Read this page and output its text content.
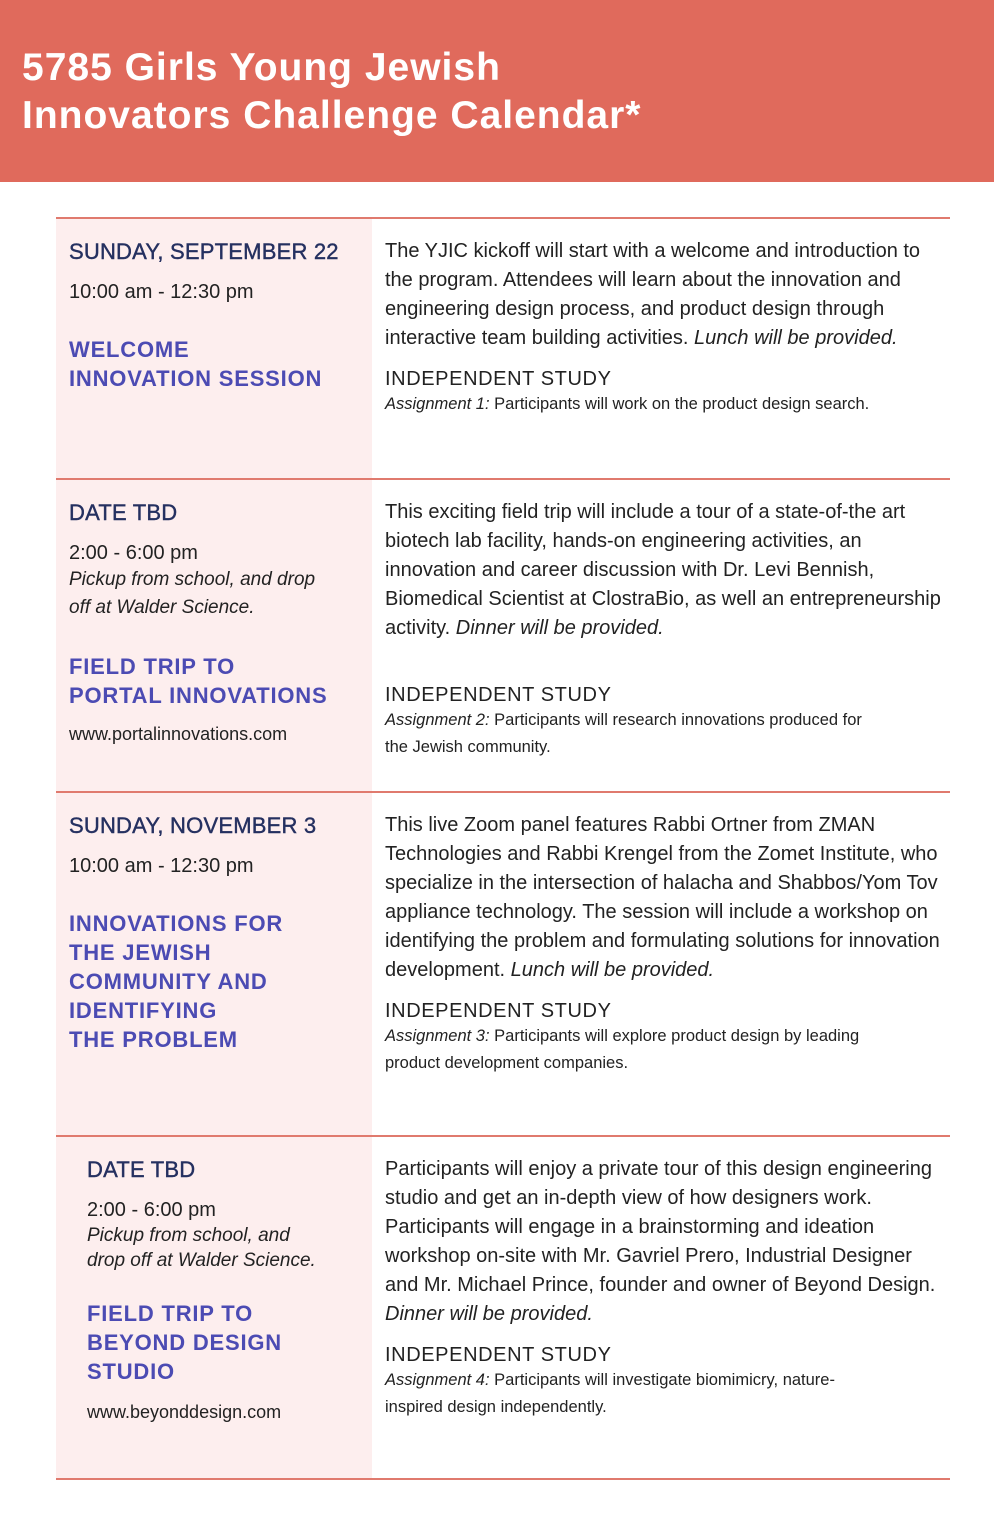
5785 Girls Young Jewish
Innovators Challenge Calendar*
SUNDAY, SEPTEMBER 22
10:00 am - 12:30 pm
WELCOME
INNOVATION SESSION

The YJIC kickoff will start with a welcome and introduction to the program. Attendees will learn about the innovation and engineering design process, and product design through interactive team building activities. Lunch will be provided.

INDEPENDENT STUDY
Assignment 1: Participants will work on the product design search.
DATE TBD
2:00 - 6:00 pm
Pickup from school, and drop off at Walder Science.
FIELD TRIP TO
PORTAL INNOVATIONS
www.portalinnovations.com

This exciting field trip will include a tour of a state-of-the art biotech lab facility, hands-on engineering activities, an innovation and career discussion with Dr. Levi Bennish, Biomedical Scientist at ClostraBio, as well an entrepreneurship activity. Dinner will be provided.

INDEPENDENT STUDY
Assignment 2: Participants will research innovations produced for the Jewish community.
SUNDAY, NOVEMBER 3
10:00 am - 12:30 pm
INNOVATIONS FOR
THE JEWISH
COMMUNITY AND
IDENTIFYING
THE PROBLEM

This live Zoom panel features Rabbi Ortner from ZMAN Technologies and Rabbi Krengel from the Zomet Institute, who specialize in the intersection of halacha and Shabbos/Yom Tov appliance technology. The session will include a workshop on identifying the problem and formulating solutions for innovation development. Lunch will be provided.

INDEPENDENT STUDY
Assignment 3: Participants will explore product design by leading product development companies.
DATE TBD
2:00 - 6:00 pm
Pickup from school, and drop off at Walder Science.
FIELD TRIP TO
BEYOND DESIGN
STUDIO
www.beyonddesign.com

Participants will enjoy a private tour of this design engineering studio and get an in-depth view of how designers work. Participants will engage in a brainstorming and ideation workshop on-site with Mr. Gavriel Prero, Industrial Designer and Mr. Michael Prince, founder and owner of Beyond Design. Dinner will be provided.

INDEPENDENT STUDY
Assignment 4: Participants will investigate biomimicry, nature-inspired design independently.
